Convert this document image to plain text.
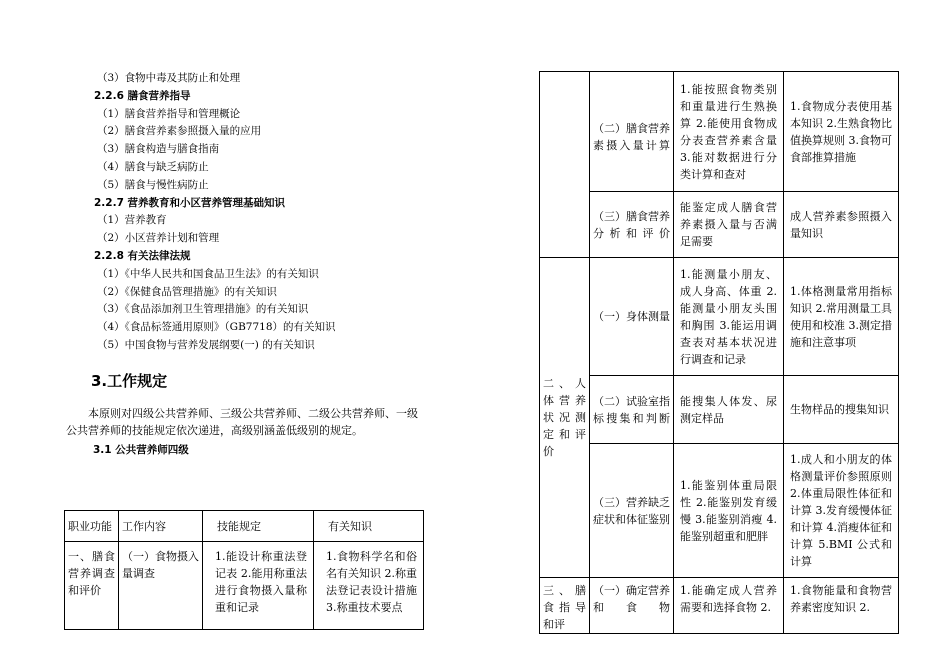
（3）食物中毒及其防止和处理
2.2.6 膳食营养指导
（1）膳食营养指导和管理概论
（2）膳食营养素参照摄入量的应用
（3）膳食构造与膳食指南
（4）膳食与缺乏病防止
（5）膳食与慢性病防止
2.2.7 营养教育和小区营养管理基础知识
（1）营养教育
（2）小区营养计划和管理
2.2.8 有关法律法规
（1）《中华人民共和国食品卫生法》的有关知识
（2）《保健食品管理措施》的有关知识
（3）《食品添加剂卫生管理措施》的有关知识
（4）《食品标签通用原则》（GB7718）的有关知识
（5）中国食物与营养发展纲要(一) 的有关知识
3.工作规定
本原则对四级公共营养师、三级公共营养师、二级公共营养师、一级公共营养师的技能规定依次递进，高级别涵盖低级别的规定。
3.1 公共营养师四级
职业功能	工作内容	技能规定	有关知识
一、膳食营养调查和评价	（一）食物摄入量调查	1.能设计称重法登记表 2.能用称重法进行食物摄入量称重和记录	1.食物科学名和俗名有关知识 2.称重法登记表设计措施 3.称重技术要点
	（二）膳食营养素摄入量计算	1.能按照食物类别和重量进行生熟换算 2.能使用食物成分表查营养素含量 3.能对数据进行分类计算和查对	1.食物成分表使用基本知识 2.生熟食物比值换算规则 3.食物可食部推算措施
	（三）膳食营养分析和评价	能鉴定成人膳食营养素摄入量与否满足需要	成人营养素参照摄入量知识
二、人体营养状况测定和评价	（一）身体测量	1.能测量小朋友、成人身高、体重 2.能测量小朋友头围和胸围 3.能运用调查表对基本状况进行调查和记录	1.体格测量常用指标知识 2.常用测量工具使用和校准 3.测定措施和注意事项
	（二）试验室指标搜集和判断	能搜集人体发、尿测定样品	生物样品的搜集知识
	（三）营养缺乏症状和体征鉴别	1.能鉴别体重局限性 2.能鉴别发育缓慢 3.能鉴别消瘦 4.能鉴别超重和肥胖	1.成人和小朋友的体格测量评价参照原则 2.体重局限性体征和计算 3.发育缓慢体征和计算 4.消瘦体征和计算 5.BMI 公式和计算
三、膳食指导和评	（一）确定营养和食物	1.能确定成人营养需要和选择食物 2.	1.食物能量和食物营养素密度知识 2.
